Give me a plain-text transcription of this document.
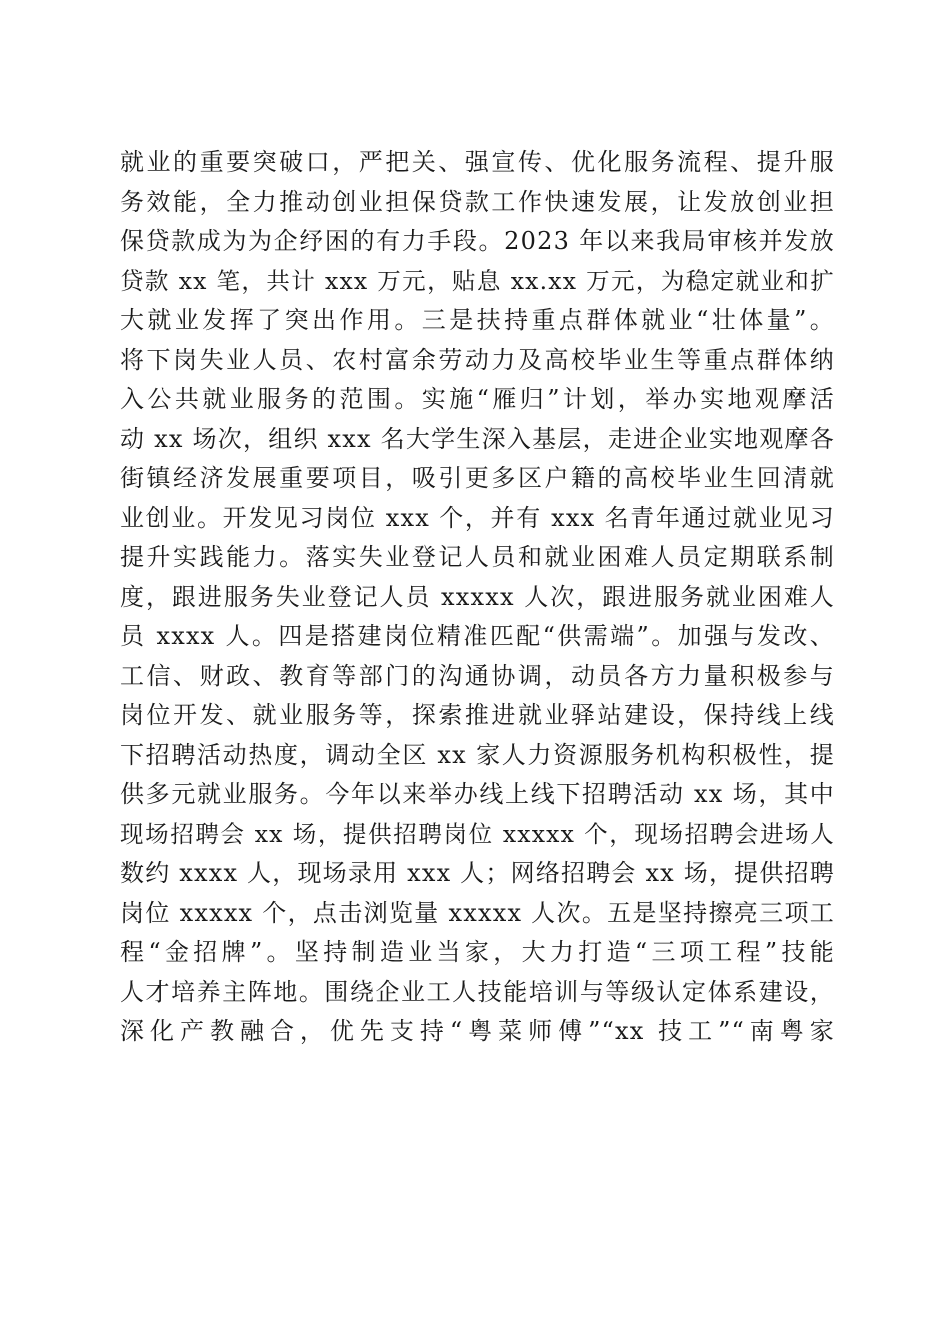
就业的重要突破口，严把关、强宣传、优化服务流程、提升服
务效能，全力推动创业担保贷款工作快速发展，让发放创业担
保贷款成为为企纾困的有力手段。2023 年以来我局审核并发放
贷款 xx 笔，共计 xxx 万元，贴息 xx.xx 万元，为稳定就业和扩
大就业发挥了突出作用。三是扶持重点群体就业“壮体量”。
将下岗失业人员、农村富余劳动力及高校毕业生等重点群体纳
入公共就业服务的范围。实施“雁归”计划，举办实地观摩活
动 xx 场次，组织 xxx 名大学生深入基层，走进企业实地观摩各
街镇经济发展重要项目，吸引更多区户籍的高校毕业生回清就
业创业。开发见习岗位 xxx 个，并有 xxx 名青年通过就业见习
提升实践能力。落实失业登记人员和就业困难人员定期联系制
度，跟进服务失业登记人员 xxxxx 人次，跟进服务就业困难人
员 xxxx 人。四是搭建岗位精准匹配“供需端”。加强与发改、
工信、财政、教育等部门的沟通协调，动员各方力量积极参与
岗位开发、就业服务等，探索推进就业驿站建设，保持线上线
下招聘活动热度，调动全区 xx 家人力资源服务机构积极性，提
供多元就业服务。今年以来举办线上线下招聘活动 xx 场，其中
现场招聘会 xx 场，提供招聘岗位 xxxxx 个，现场招聘会进场人
数约 xxxx 人，现场录用 xxx 人；网络招聘会 xx 场，提供招聘
岗位 xxxxx 个，点击浏览量 xxxxx 人次。五是坚持擦亮三项工
程“金招牌”。坚持制造业当家，大力打造“三项工程”技能
人才培养主阵地。围绕企业工人技能培训与等级认定体系建设，
深化产教融合，优先支持“粤菜师傅”“xx 技工”“南粤家
